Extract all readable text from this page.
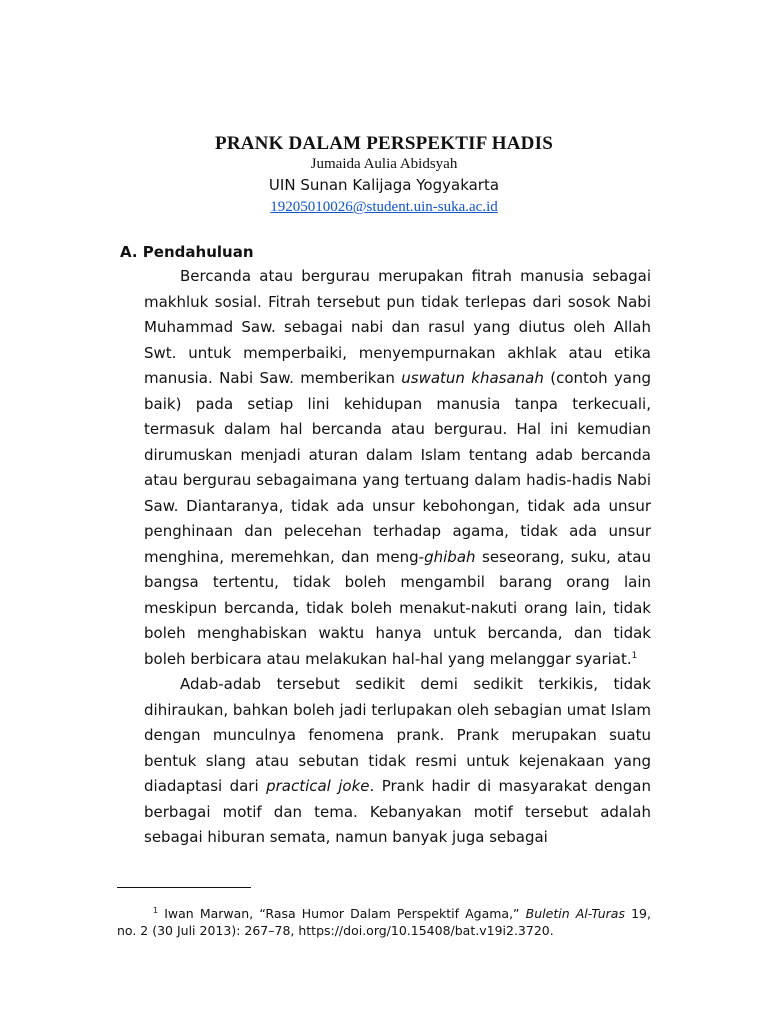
PRANK DALAM PERSPEKTIF HADIS
Jumaida Aulia Abidsyah
UIN Sunan Kalijaga Yogyakarta
19205010026@student.uin-suka.ac.id
A. Pendahuluan

Bercanda atau bergurau merupakan fitrah manusia sebagai makhluk sosial. Fitrah tersebut pun tidak terlepas dari sosok Nabi Muhammad Saw. sebagai nabi dan rasul yang diutus oleh Allah Swt. untuk memperbaiki, menyempurnakan akhlak atau etika manusia. Nabi Saw. memberikan uswatun khasanah (contoh yang baik) pada setiap lini kehidupan manusia tanpa terkecuali, termasuk dalam hal bercanda atau bergurau. Hal ini kemudian dirumuskan menjadi aturan dalam Islam tentang adab bercanda atau bergurau sebagaimana yang tertuang dalam hadis-hadis Nabi Saw. Diantaranya, tidak ada unsur kebohongan, tidak ada unsur penghinaan dan pelecehan terhadap agama, tidak ada unsur menghina, meremehkan, dan meng-ghibah seseorang, suku, atau bangsa tertentu, tidak boleh mengambil barang orang lain meskipun bercanda, tidak boleh menakut-nakuti orang lain, tidak boleh menghabiskan waktu hanya untuk bercanda, dan tidak boleh berbicara atau melakukan hal-hal yang melanggar syariat.$^1$

Adab-adab tersebut sedikit demi sedikit terkikis, tidak dihiraukan, bahkan boleh jadi terlupakan oleh sebagian umat Islam dengan munculnya fenomena prank. Prank merupakan suatu bentuk slang atau sebutan tidak resmi untuk kejenakaan yang diadaptasi dari practical joke. Prank hadir di masyarakat dengan berbagai motif dan tema. Kebanyakan motif tersebut adalah sebagai hiburan semata, namun banyak juga sebagai

$^1$ Iwan Marwan, “Rasa Humor Dalam Perspektif Agama,” Buletin Al-Turas 19, no. 2 (30 Juli 2013): 267–78, https://doi.org/10.15408/bat.v19i2.3720.
